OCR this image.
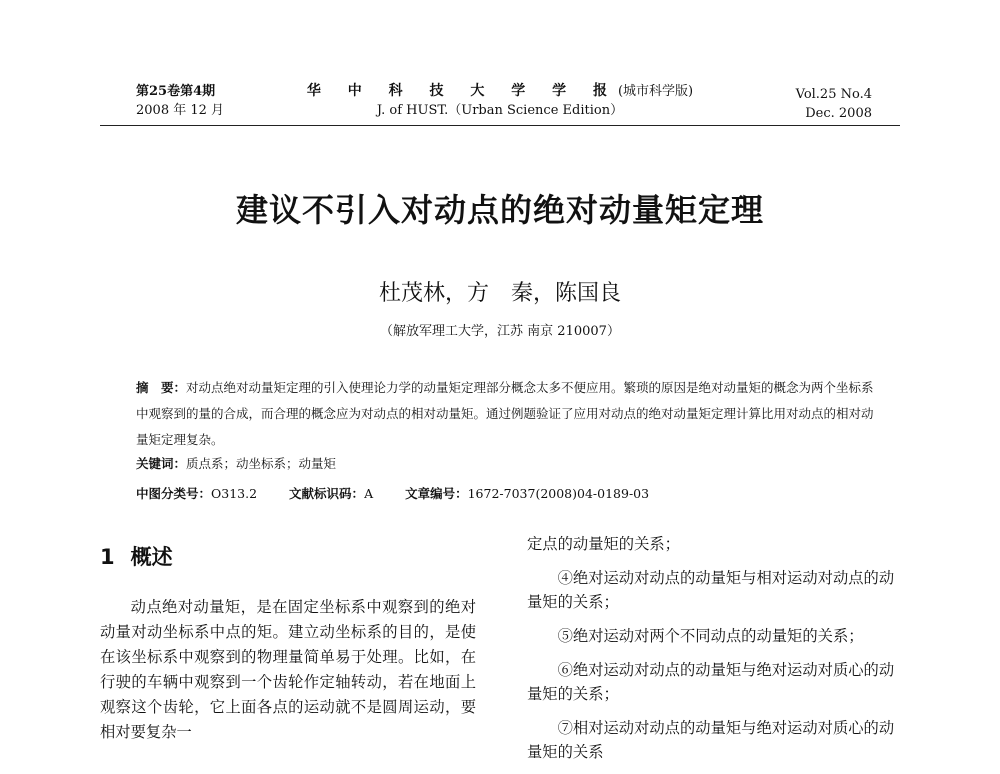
第25卷第4期
2008 年 12 月
华 中 科 技 大 学 学 报(城市科学版)
J. of HUST.（Urban Science Edition）
Vol.25 No.4
Dec. 2008
建议不引入对动点的绝对动量矩定理
杜茂林，方　秦，陈国良
（解放军理工大学，江苏 南京 210007）
摘　要：对动点绝对动量矩定理的引入使理论力学的动量矩定理部分概念太多不便应用。繁琐的原因是绝对动量矩的概念为两个坐标系中观察到的量的合成，而合理的概念应为对动点的相对动量矩。通过例题验证了应用对动点的绝对动量矩定理计算比用对动点的相对动量矩定理复杂。
关键词：质点系；动坐标系；动量矩
中图分类号：O313.2	文献标识码：A	文章编号：1672-7037(2008)04-0189-03
1 概述

动点绝对动量矩，是在固定坐标系中观察到的绝对动量对动坐标系中点的矩。建立动坐标系的目的，是使在该坐标系中观察到的物理量简单易于处理。比如，在行驶的车辆中观察到一个齿轮作定轴转动，若在地面上观察这个齿轮，它上面各点的运动就不是圆周运动，要相对要复杂一

定点的动量矩的关系；

④绝对运动对动点的动量矩与相对运动对动点的动量矩的关系；

⑤绝对运动对两个不同动点的动量矩的关系；

⑥绝对运动对动点的动量矩与绝对运动对质心的动量矩的关系；

⑦相对运动对动点的动量矩与绝对运动对质心的动量矩的关系
